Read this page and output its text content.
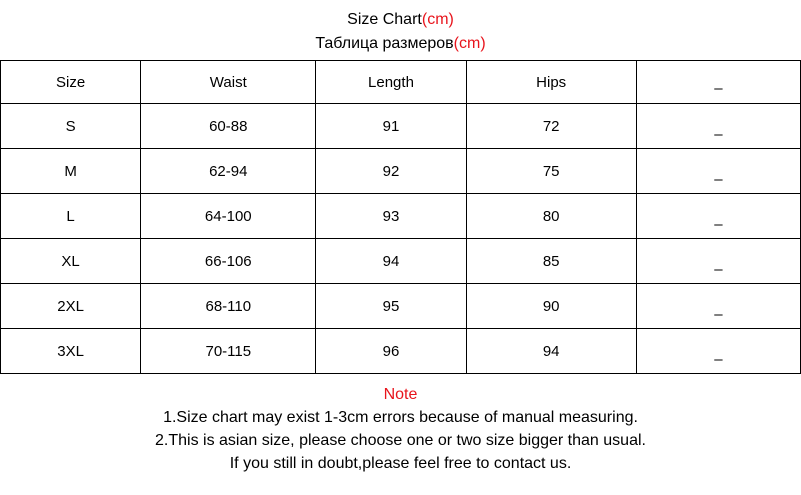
Size Chart(cm)
Таблица размеров(cm)
Size	Waist	Length	Hips	–
S	60-88	91	72	–
M	62-94	92	75	–
L	64-100	93	80	–
XL	66-106	94	85	–
2XL	68-110	95	90	–
3XL	70-115	96	94	–
Note
1.Size chart may exist 1-3cm errors because of manual measuring.
2.This is asian size, please choose one or two size bigger than usual.
If you still in doubt,please feel free to contact us.
